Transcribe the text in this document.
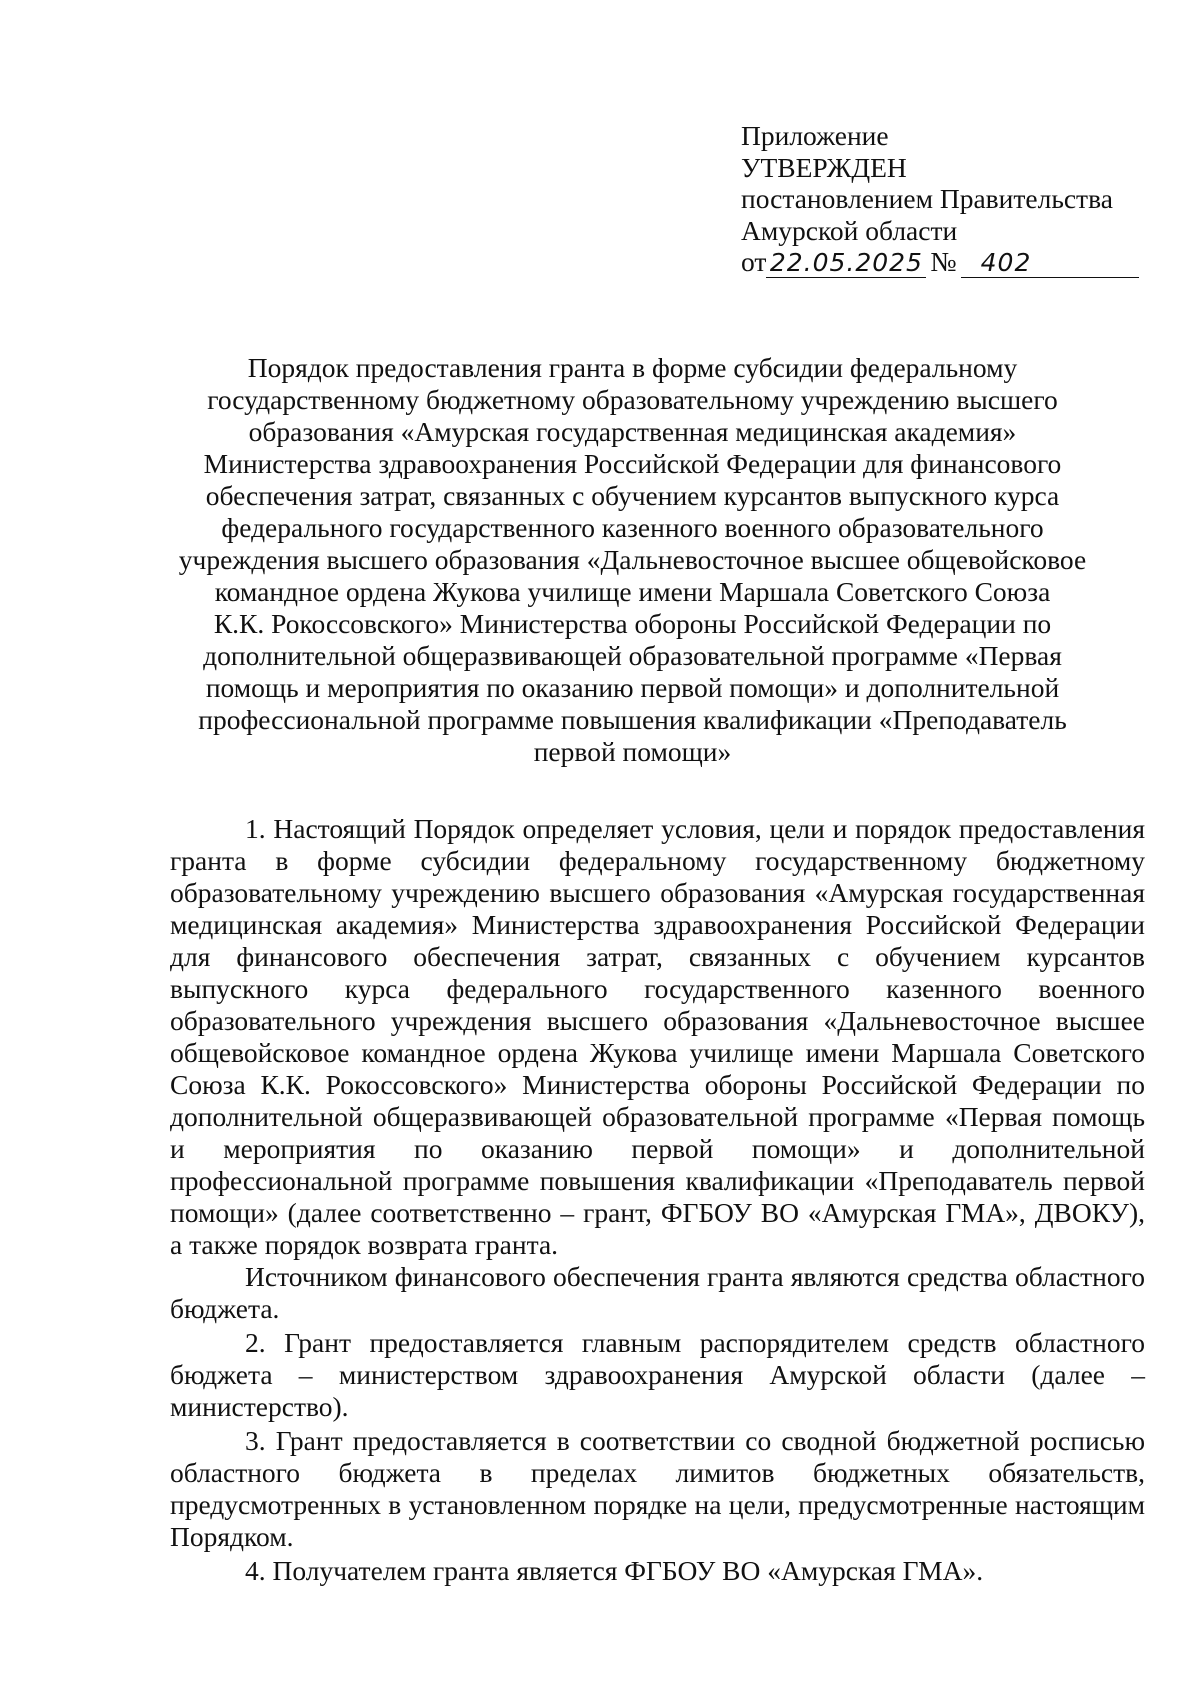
Приложение
УТВЕРЖДЕН
постановлением Правительства
Амурской области
от 22.05.2025 № 402
Порядок предоставления гранта в форме субсидии федеральному
государственному бюджетному образовательному учреждению высшего
образования «Амурская государственная медицинская академия»
Министерства здравоохранения Российской Федерации для финансового
обеспечения затрат, связанных с обучением курсантов выпускного курса
федерального государственного казенного военного образовательного
учреждения высшего образования «Дальневосточное высшее общевойсковое
командное ордена Жукова училище имени Маршала Советского Союза
К.К. Рокоссовского» Министерства обороны Российской Федерации по
дополнительной общеразвивающей образовательной программе «Первая
помощь и мероприятия по оказанию первой помощи» и дополнительной
профессиональной программе повышения квалификации «Преподаватель
первой помощи»

1. Настоящий Порядок определяет условия, цели и порядок предоставления гранта в форме субсидии федеральному государственному бюджетному образовательному учреждению высшего образования «Амурская государственная медицинская академия» Министерства здравоохранения Российской Федерации для финансового обеспечения затрат, связанных с обучением курсантов выпускного курса федерального государственного казенного военного образовательного учреждения высшего образования «Дальневосточное высшее общевойсковое командное ордена Жукова училище имени Маршала Советского Союза К.К. Рокоссовского» Министерства обороны Российской Федерации по дополнительной общеразвивающей образовательной программе «Первая помощь и мероприятия по оказанию первой помощи» и дополнительной профессиональной программе повышения квалификации «Преподаватель первой помощи» (далее соответственно – грант, ФГБОУ ВО «Амурская ГМА», ДВОКУ), а также порядок возврата гранта.

Источником финансового обеспечения гранта являются средства областного бюджета.

2. Грант предоставляется главным распорядителем средств областного бюджета – министерством здравоохранения Амурской области (далее – министерство).

3. Грант предоставляется в соответствии со сводной бюджетной росписью областного бюджета в пределах лимитов бюджетных обязательств, предусмотренных в установленном порядке на цели, предусмотренные настоящим Порядком.

4. Получателем гранта является ФГБОУ ВО «Амурская ГМА».
